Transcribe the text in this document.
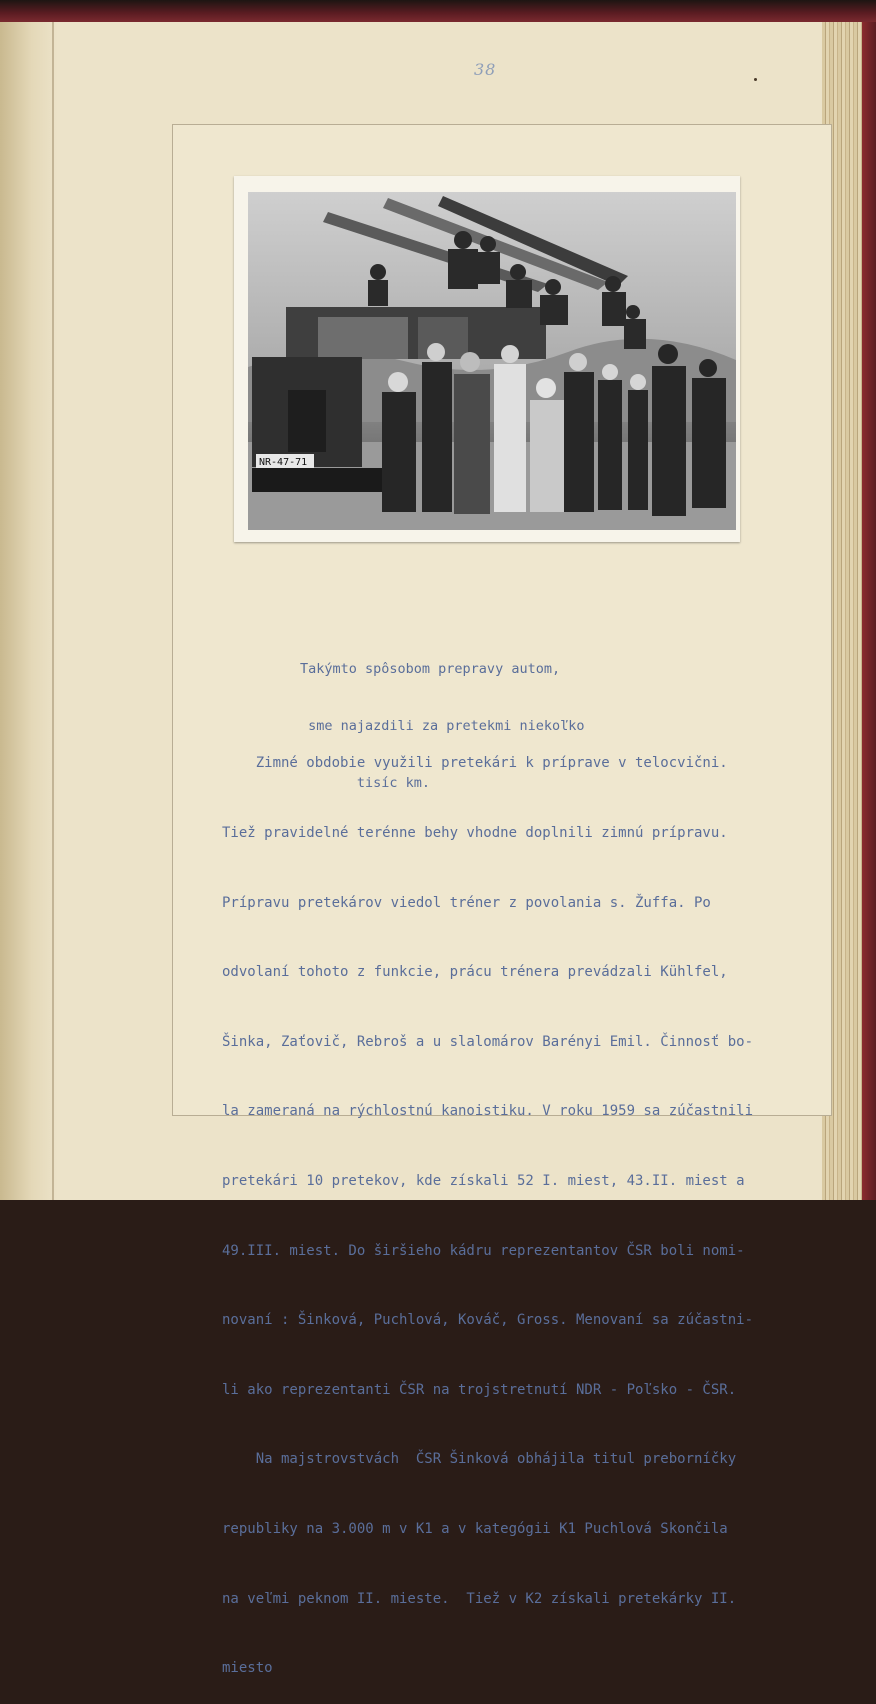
38
NR-47-71

Takýmto spôsobom prepravy autom,

sme najazdili za pretekmi niekoľko

tisíc km.

Zimné obdobie využili pretekári k príprave v telocvični.

Tiež pravidelné terénne behy vhodne doplnili zimnú prípravu.

Prípravu pretekárov viedol tréner z povolania s. Žuffa. Po

odvolaní tohoto z funkcie, prácu trénera prevádzali Kühlfel,

Šinka, Zaťovič, Rebroš a u slalomárov Barényi Emil. Činnosť bo-

la zameraná na rýchlostnú kanoistiku. V roku 1959 sa zúčastnili

pretekári 10 pretekov, kde získali 52 I. miest, 43.II. miest a

49.III. miest. Do širšieho kádru reprezentantov ČSR boli nomi-

novaní : Šinková, Puchlová, Kováč, Gross. Menovaní sa zúčastni-

li ako reprezentanti ČSR na trojstretnutí NDR - Poľsko - ČSR.

Na majstrovstvách  ČSR Šinková obhájila titul preborníčky

republiky na 3.000 m v K1 a v kategógii K1 Puchlová Skončila

na veľmi peknom II. mieste.  Tiež v K2 získali pretekárky II.

miesto
